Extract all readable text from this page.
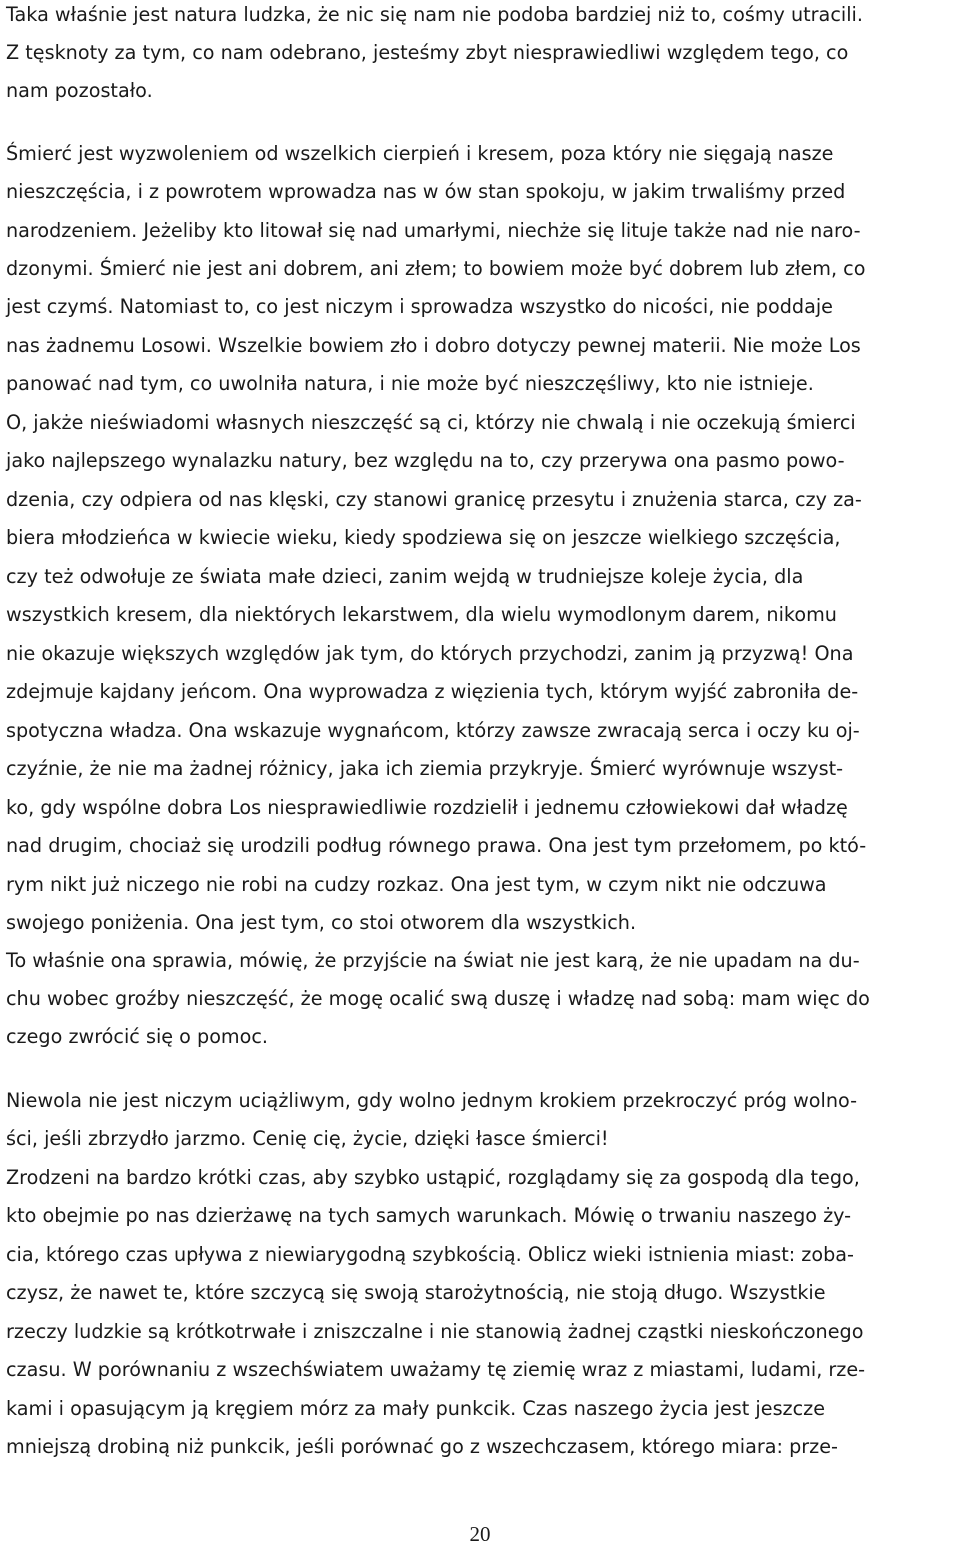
Taka właśnie jest natura ludzka, że nic się nam nie podoba bardziej niż to, cośmy utracili.
Z tęsknoty za tym, co nam odebrano, jesteśmy zbyt niesprawiedliwi względem tego, co
nam pozostało.
Śmierć jest wyzwoleniem od wszelkich cierpień i kresem, poza który nie sięgają nasze
nieszczęścia, i z powrotem wprowadza nas w ów stan spokoju, w jakim trwaliśmy przed
narodzeniem. Jeżeliby kto litował się nad umarłymi, niechże się lituje także nad nie naro-
dzonymi. Śmierć nie jest ani dobrem, ani złem; to bowiem może być dobrem lub złem, co
jest czymś. Natomiast to, co jest niczym i sprowadza wszystko do nicości, nie poddaje
nas żadnemu Losowi. Wszelkie bowiem zło i dobro dotyczy pewnej materii. Nie może Los
panować nad tym, co uwolniła natura, i nie może być nieszczęśliwy, kto nie istnieje.
O, jakże nieświadomi własnych nieszczęść są ci, którzy nie chwalą i nie oczekują śmierci
jako najlepszego wynalazku natury, bez względu na to, czy przerywa ona pasmo powo-
dzenia, czy odpiera od nas klęski, czy stanowi granicę przesytu i znużenia starca, czy za-
biera młodzieńca w kwiecie wieku, kiedy spodziewa się on jeszcze wielkiego szczęścia,
czy też odwołuje ze świata małe dzieci, zanim wejdą w trudniejsze koleje życia, dla
wszystkich kresem, dla niektórych lekarstwem, dla wielu wymodlonym darem, nikomu
nie okazuje większych względów jak tym, do których przychodzi, zanim ją przyzwą! Ona
zdejmuje kajdany jeńcom. Ona wyprowadza z więzienia tych, którym wyjść zabroniła de-
spotyczna władza. Ona wskazuje wygnańcom, którzy zawsze zwracają serca i oczy ku oj-
czyźnie, że nie ma żadnej różnicy, jaka ich ziemia przykryje. Śmierć wyrównuje wszyst-
ko, gdy wspólne dobra Los niesprawiedliwie rozdzielił i jednemu człowiekowi dał władzę
nad drugim, chociaż się urodzili podług równego prawa. Ona jest tym przełomem, po któ-
rym nikt już niczego nie robi na cudzy rozkaz. Ona jest tym, w czym nikt nie odczuwa
swojego poniżenia. Ona jest tym, co stoi otworem dla wszystkich.
To właśnie ona sprawia, mówię, że przyjście na świat nie jest karą, że nie upadam na du-
chu wobec groźby nieszczęść, że mogę ocalić swą duszę i władzę nad sobą: mam więc do
czego zwrócić się o pomoc.
Niewola nie jest niczym uciążliwym, gdy wolno jednym krokiem przekroczyć próg wolno-
ści, jeśli zbrzydło jarzmo. Cenię cię, życie, dzięki łasce śmierci!
Zrodzeni na bardzo krótki czas, aby szybko ustąpić, rozglądamy się za gospodą dla tego,
kto obejmie po nas dzierżawę na tych samych warunkach. Mówię o trwaniu naszego ży-
cia, którego czas upływa z niewiarygodną szybkością. Oblicz wieki istnienia miast: zoba-
czysz, że nawet te, które szczycą się swoją starożytnością, nie stoją długo. Wszystkie
rzeczy ludzkie są krótkotrwałe i zniszczalne i nie stanowią żadnej cząstki nieskończonego
czasu. W porównaniu z wszechświatem uważamy tę ziemię wraz z miastami, ludami, rze-
kami i opasującym ją kręgiem mórz za mały punkcik. Czas naszego życia jest jeszcze
mniejszą drobiną niż punkcik, jeśli porównać go z wszechczasem, którego miara: prze-
20
